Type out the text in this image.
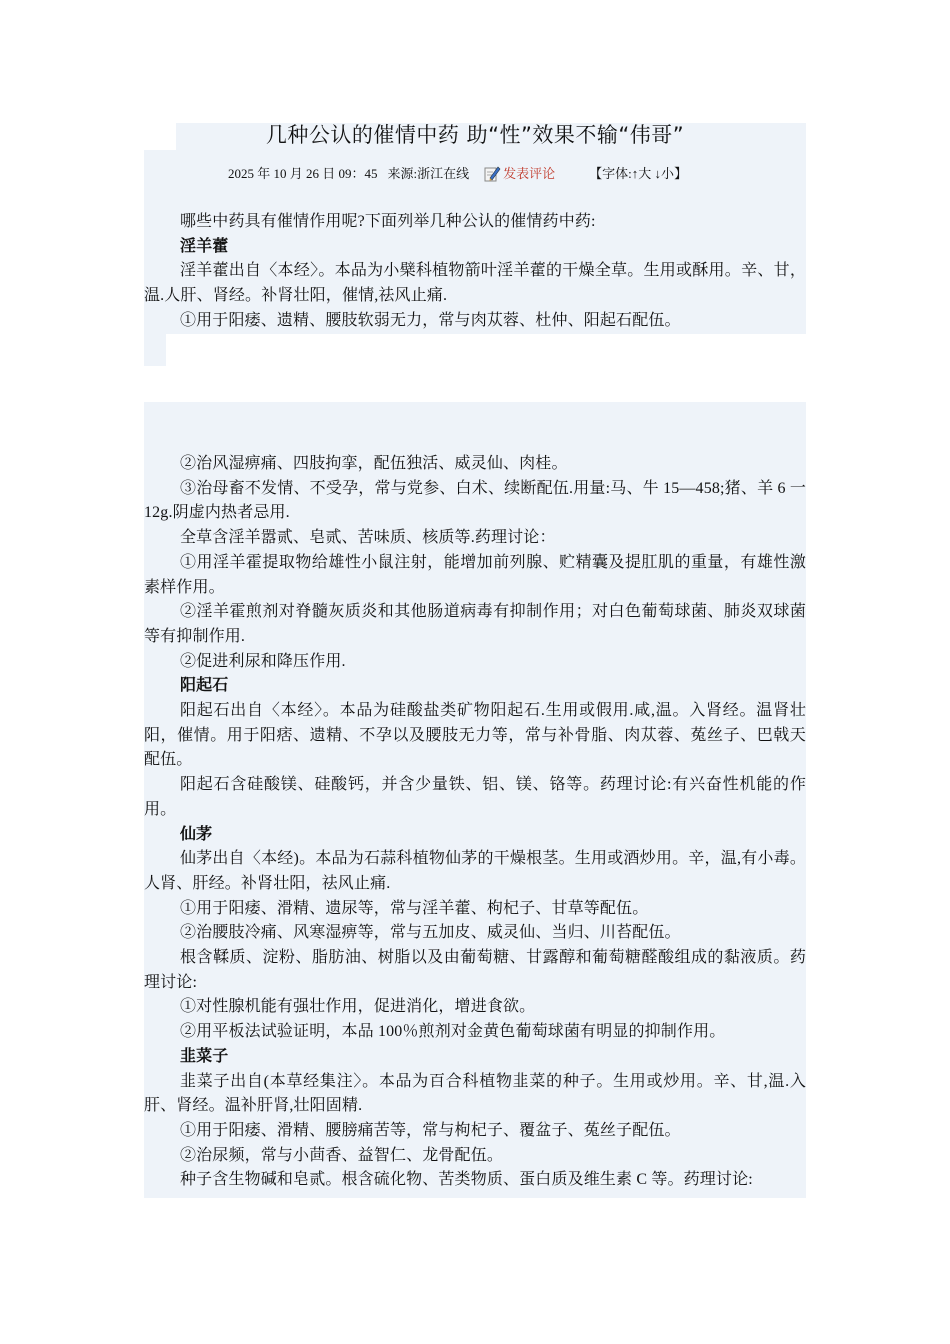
几种公认的催情中药 助“性”效果不输“伟哥”
2025 年 10 月 26 日 09：45 来源:浙江在线	发表评论	【字体:↑大 ↓小】

哪些中药具有催情作用呢?下面列举几种公认的催情药中药:

淫羊藿

淫羊藿出自〈本经〉。本品为小檗科植物箭叶淫羊藿的干燥全草。生用或酥用。辛、甘，温.人肝、肾经。补肾壮阳，催情,祛风止痛.

①用于阳痿、遗精、腰肢软弱无力，常与肉苁蓉、杜仲、阳起石配伍。

②治风湿痹痛、四肢拘挛，配伍独活、威灵仙、肉桂。

③治母畜不发情、不受孕，常与党参、白术、续断配伍.用量:马、牛 15—458;猪、羊 6 一 12g.阴虚内热者忌用.

全草含淫羊嚣贰、皂贰、苦味质、核质等.药理讨论：

①用淫羊霍提取物给雄性小鼠注射，能增加前列腺、贮精囊及提肛肌的重量，有雄性激素样作用。

②淫羊霍煎剂对脊髓灰质炎和其他肠道病毒有抑制作用；对白色葡萄球菌、肺炎双球菌等有抑制作用.

②促进利尿和降压作用.

阳起石

阳起石出自〈本经〉。本品为硅酸盐类矿物阳起石.生用或假用.咸,温。入肾经。温肾壮阳，催情。用于阳痞、遗精、不孕以及腰肢无力等，常与补骨脂、肉苁蓉、菟丝子、巴戟天配伍。

阳起石含硅酸镁、硅酸钙，并含少量铁、铝、镁、铬等。药理讨论:有兴奋性机能的作用。

仙茅

仙茅出自〈本经)。本品为石蒜科植物仙茅的干燥根茎。生用或酒炒用。辛，温,有小毒。人肾、肝经。补肾壮阳，祛风止痛.

①用于阳痿、滑精、遗尿等，常与淫羊藿、枸杞子、甘草等配伍。

②治腰肢冷痛、风寒湿痹等，常与五加皮、威灵仙、当归、川苔配伍。

根含鞣质、淀粉、脂肪油、树脂以及由葡萄糖、甘露醇和葡萄糖醛酸组成的黏液质。药理讨论:

①对性腺机能有强壮作用，促进消化，增进食欲。

②用平板法试验证明，本品 100％煎剂对金黄色葡萄球菌有明显的抑制作用。

韭菜子

韭菜子出自(本草经集注〉。本品为百合科植物韭菜的种子。生用或炒用。辛、甘,温.入肝、肾经。温补肝肾,壮阳固精.

①用于阳痿、滑精、腰膀痛苦等，常与枸杞子、覆盆子、菟丝子配伍。

②治尿频，常与小茴香、益智仁、龙骨配伍。

种子含生物碱和皂贰。根含硫化物、苦类物质、蛋白质及维生素 C 等。药理讨论:
